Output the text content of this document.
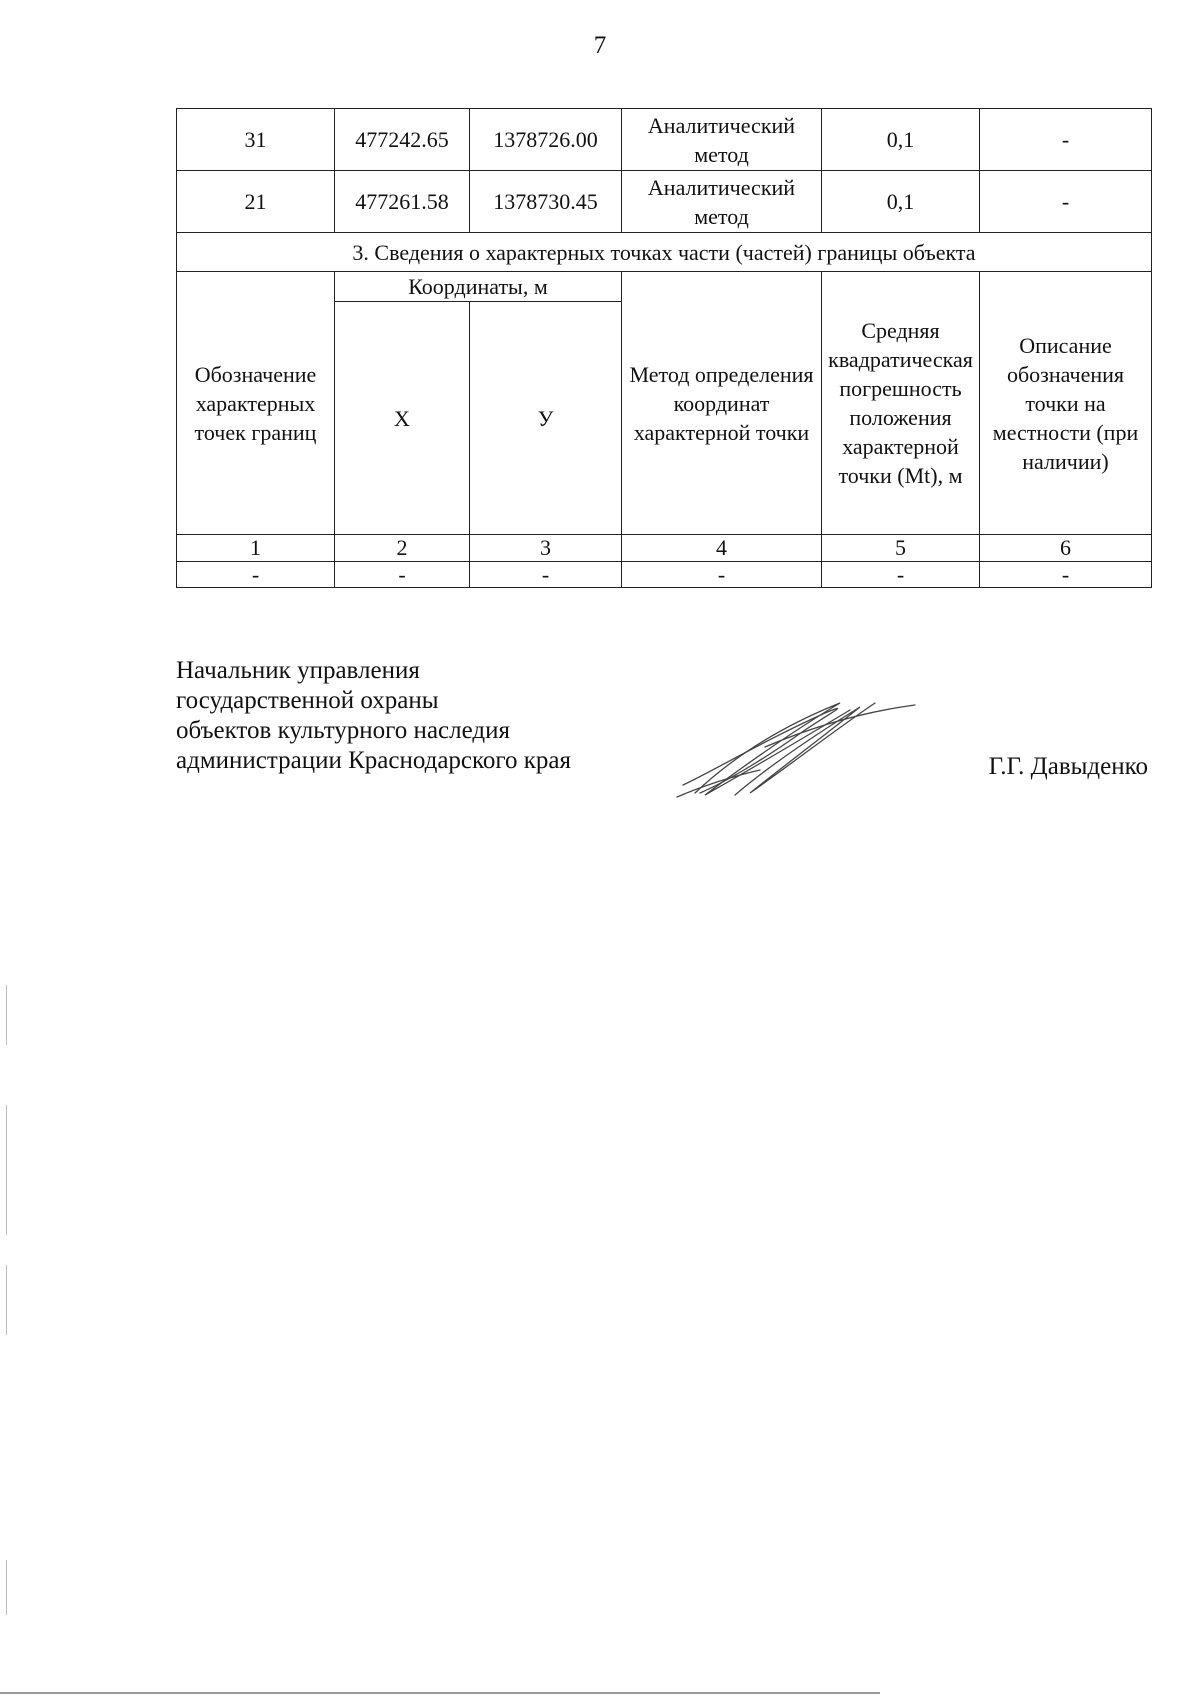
7
31	477242.65	1378726.00	Аналитический метод	0,1	-
21	477261.58	1378730.45	Аналитический метод	0,1	-
3. Сведения о характерных точках части (частей) границы объекта					
Обозначение характерных точек границ	Координаты, м		Метод определения координат характерной точки	Средняя квадратическая погрешность положения характерной точки (Mt), м	Описание обозначения точки на местности (при наличии)
	Х	У			
1	2	3	4	5	6
-	-	-	-	-	-
Начальник управления
государственной охраны
объектов культурного наследия
администрации Краснодарского края	Г.Г. Давыденко
